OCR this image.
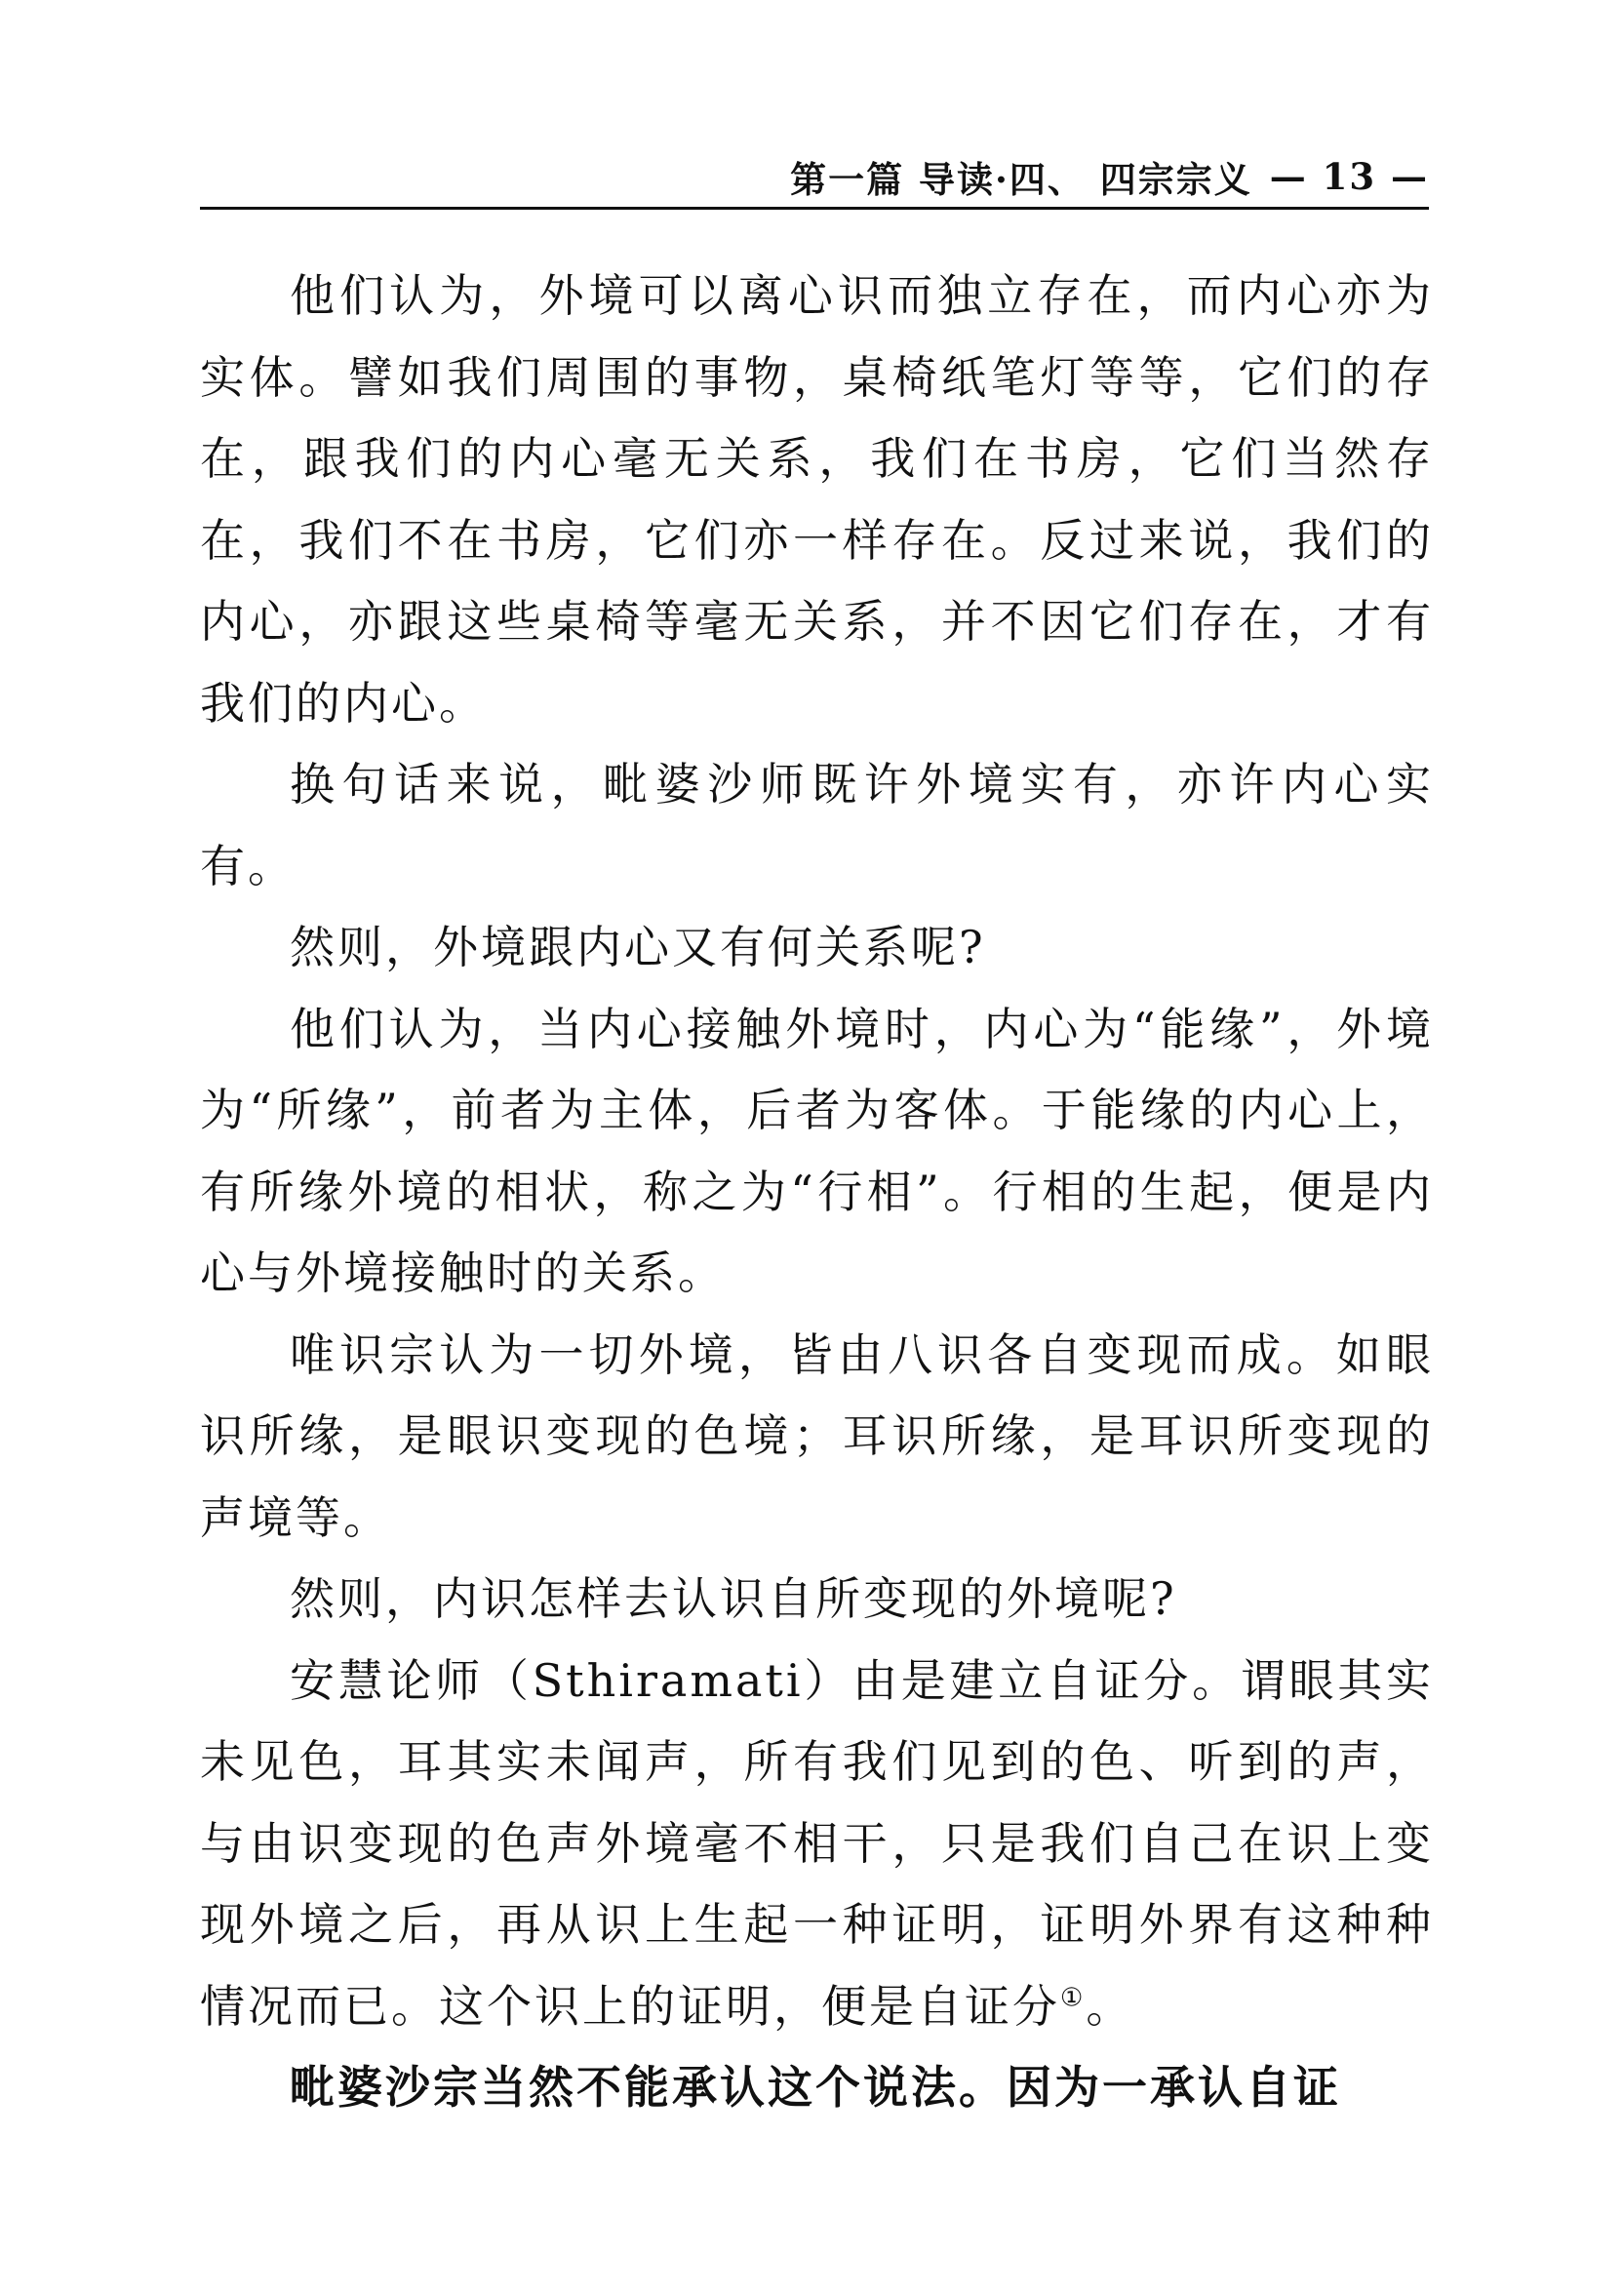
第一篇 导读·四、 四宗宗义 — 13 —

他们认为，外境可以离心识而独立存在，而内心亦为实体。譬如我们周围的事物，桌椅纸笔灯等等，它们的存在，跟我们的内心毫无关系，我们在书房，它们当然存在，我们不在书房，它们亦一样存在。反过来说，我们的内心，亦跟这些桌椅等毫无关系，并不因它们存在，才有我们的内心。

换句话来说，毗婆沙师既许外境实有，亦许内心实有。

然则，外境跟内心又有何关系呢?

他们认为，当内心接触外境时，内心为“能缘”，外境为“所缘”，前者为主体，后者为客体。于能缘的内心上，有所缘外境的相状，称之为“行相”。行相的生起，便是内心与外境接触时的关系。

唯识宗认为一切外境，皆由八识各自变现而成。如眼识所缘，是眼识变现的色境；耳识所缘，是耳识所变现的声境等。

然则，内识怎样去认识自所变现的外境呢?

安慧论师（Sthiramati）由是建立自证分。谓眼其实未见色，耳其实未闻声，所有我们见到的色、听到的声，与由识变现的色声外境毫不相干，只是我们自己在识上变现外境之后，再从识上生起一种证明，证明外界有这种种情况而已。这个识上的证明，便是自证分①。

毗婆沙宗当然不能承认这个说法。因为一承认自证
